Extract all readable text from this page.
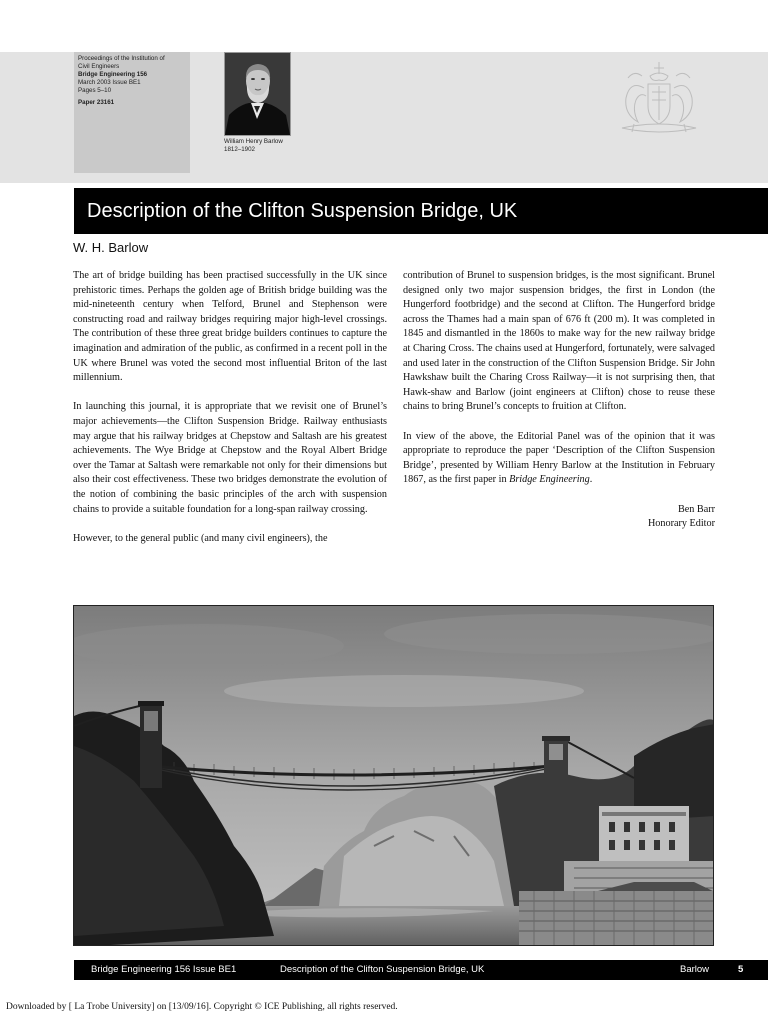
Proceedings of the Institution of
Civil Engineers
Bridge Engineering 156
March 2003 Issue BE1
Pages 5–10
Paper 23161
William Henry Barlow
1812–1902
Description of the Clifton Suspension Bridge, UK
W. H. Barlow

The art of bridge building has been practised successfully in the UK since prehistoric times. Perhaps the golden age of British bridge building was the mid-nineteenth century when Telford, Brunel and Stephenson were constructing road and railway bridges requiring major high-level crossings. The contribution of these three great bridge builders continues to capture the imagination and admiration of the public, as confirmed in a recent poll in the UK where Brunel was voted the second most influential Briton of the last millennium.

In launching this journal, it is appropriate that we revisit one of Brunel’s major achievements—the Clifton Suspension Bridge. Railway enthusiasts may argue that his railway bridges at Chepstow and Saltash are his greatest achievements. The Wye Bridge at Chepstow and the Royal Albert Bridge over the Tamar at Saltash were remarkable not only for their dimensions but also their cost effectiveness. These two bridges demonstrate the evolution of the notion of combining the basic principles of the arch with suspension chains to provide a suitable foundation for a long-span railway crossing.

However, to the general public (and many civil engineers), the

contribution of Brunel to suspension bridges, is the most significant. Brunel designed only two major suspension bridges, the first in London (the Hungerford footbridge) and the second at Clifton. The Hungerford bridge across the Thames had a main span of 676 ft (200 m). It was completed in 1845 and dismantled in the 1860s to make way for the new railway bridge at Charing Cross. The chains used at Hungerford, fortunately, were salvaged and used later in the construction of the Clifton Suspension Bridge. Sir John Hawkshaw built the Charing Cross Railway—it is not surprising then, that Hawk-shaw and Barlow (joint engineers at Clifton) chose to reuse these chains to bring Brunel’s concepts to fruition at Clifton.

In view of the above, the Editorial Panel was of the opinion that it was appropriate to reproduce the paper ‘Description of the Clifton Suspension Bridge’, presented by William Henry Barlow at the Institution in February 1867, as the first paper in Bridge Engineering.

Ben Barr

Honorary Editor

Bridge Engineering 156 Issue BE1	Description of the Clifton Suspension Bridge, UK	Barlow	5
Downloaded by [ La Trobe University] on [13/09/16]. Copyright © ICE Publishing, all rights reserved.
